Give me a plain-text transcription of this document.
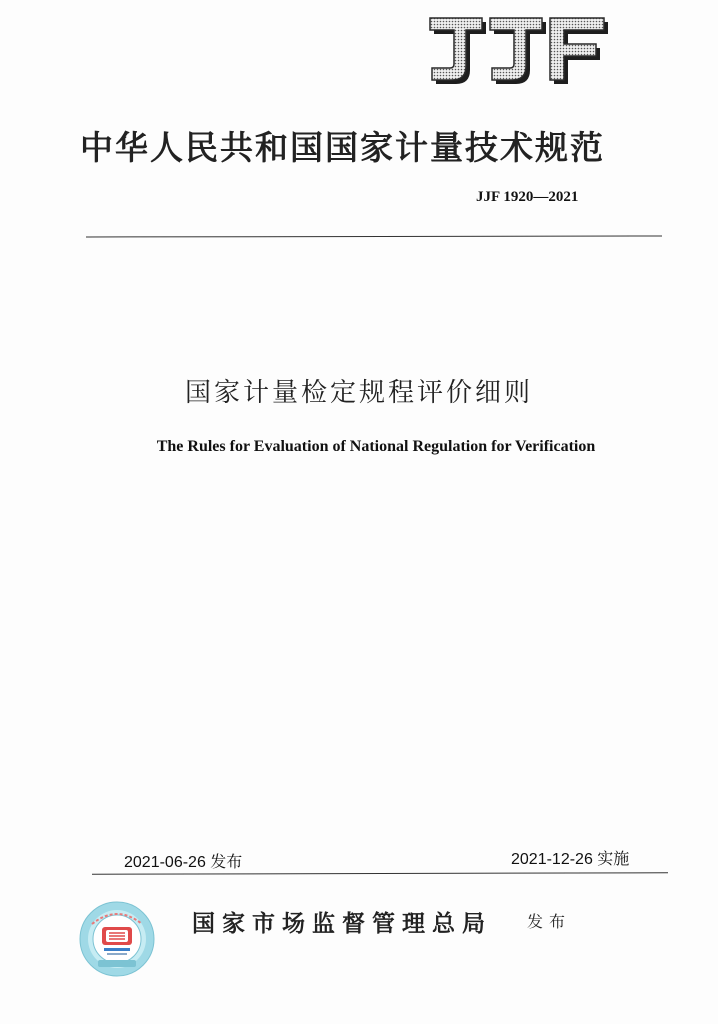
中华人民共和国国家计量技术规范
JJF 1920—2021
国家计量检定规程评价细则
The Rules for Evaluation of National Regulation for Verification
2021-06-26 发布	2021-12-26 实施
国家市场监督管理总局 发布
